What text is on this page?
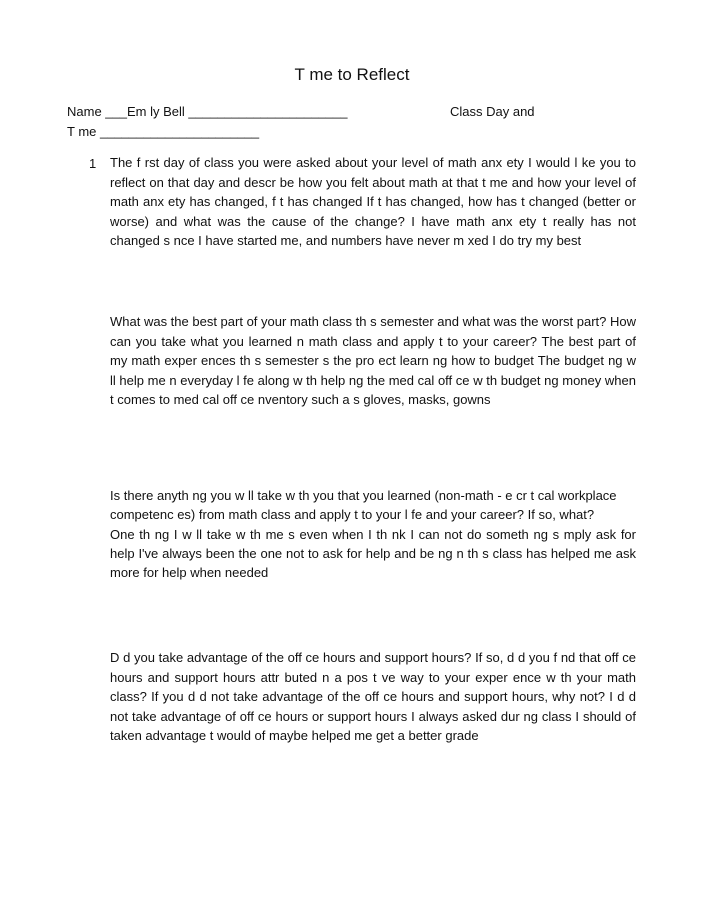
T me to Reflect
Name ___Em ly Bell ______________________	Class Day and
T me ______________________
1 The f rst day of class you were asked about your level of math anx ety I would l ke you to reflect on that day and descr be how you felt about math at that t me and how your level of math anx ety has changed, f t has changed If t has changed, how has t changed (better or worse) and what was the cause of the change? I have math anx ety t really has not changed s nce I have started me, and numbers have never m xed I do try my best
What was the best part of your math class th s semester and what was the worst part? How can you take what you learned n math class and apply t to your career? The best part of my math exper ences th s semester s the pro ect learn ng how to budget The budget ng w ll help me n everyday l fe along w th help ng the med cal off ce w th budget ng money when t comes to med cal off ce nventory such a s gloves, masks, gowns
Is there anyth ng you w ll take w th you that you learned (non-math - e cr t cal workplace competenc es) from math class and apply t to your l fe and your career? If so, what?
One th ng I w ll take w th me s even when I th nk I can not do someth ng s mply ask for help I've always been the one not to ask for help and be ng n th s class has helped me ask more for help when needed
D d you take advantage of the off ce hours and support hours? If so, d d you f nd that off ce hours and support hours attr buted n a pos t ve way to your exper ence w th your math class? If you d d not take advantage of the off ce hours and support hours, why not? I d d not take advantage of off ce hours or support hours I always asked dur ng class I should of taken advantage t would of maybe helped me get a better grade
